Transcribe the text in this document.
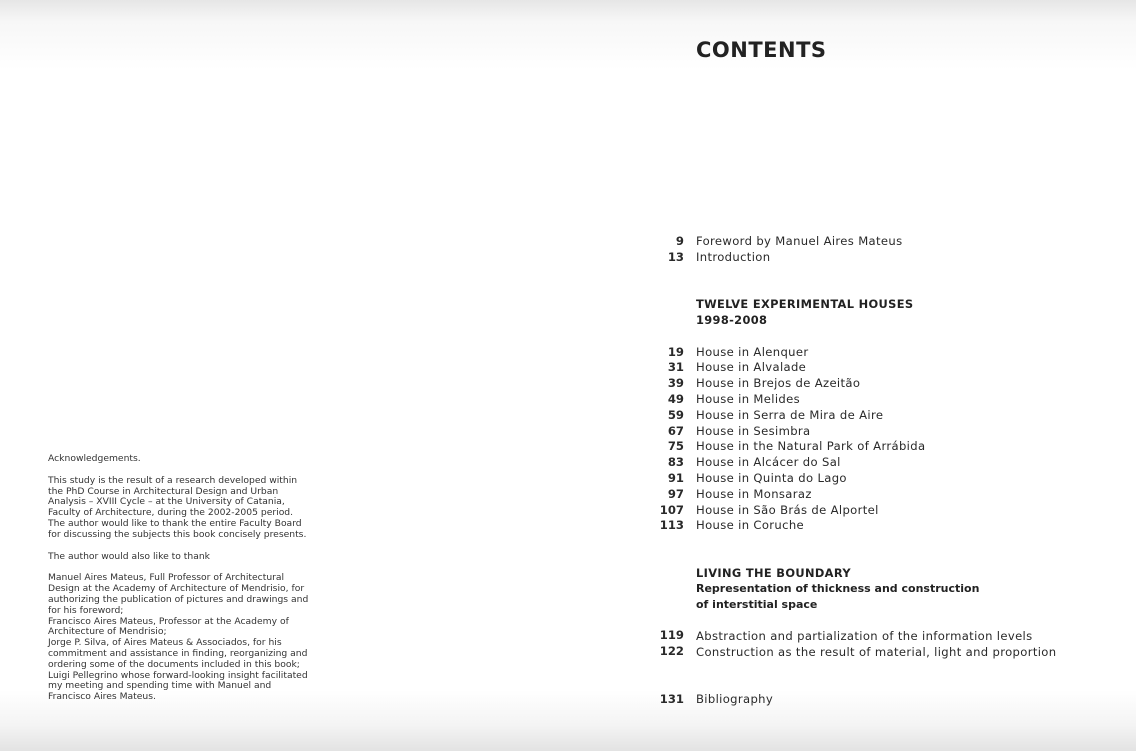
Acknowledgements.

This study is the result of a research developed within
the PhD Course in Architectural Design and Urban
Analysis – XVIII Cycle – at the University of Catania,
Faculty of Architecture, during the 2002-2005 period.
The author would like to thank the entire Faculty Board
for discussing the subjects this book concisely presents.

The author would also like to thank

Manuel Aires Mateus, Full Professor of Architectural
Design at the Academy of Architecture of Mendrisio, for
authorizing the publication of pictures and drawings and
for his foreword;
Francisco Aires Mateus, Professor at the Academy of
Architecture of Mendrisio;
Jorge P. Silva, of Aires Mateus & Associados, for his
commitment and assistance in finding, reorganizing and
ordering some of the documents included in this book;
Luigi Pellegrino whose forward-looking insight facilitated
my meeting and spending time with Manuel and
Francisco Aires Mateus.

CONTENTS
9 Foreword by Manuel Aires Mateus
13 Introduction
TWELVE EXPERIMENTAL HOUSES
1998-2008
19 House in Alenquer
31 House in Alvalade
39 House in Brejos de Azeitão
49 House in Melides
59 House in Serra de Mira de Aire
67 House in Sesimbra
75 House in the Natural Park of Arrábida
83 House in Alcácer do Sal
91 House in Quinta do Lago
97 House in Monsaraz
107 House in São Brás de Alportel
113 House in Coruche
LIVING THE BOUNDARY
Representation of thickness and construction
of interstitial space
119 Abstraction and partialization of the information levels
122 Construction as the result of material, light and proportion
131 Bibliography
